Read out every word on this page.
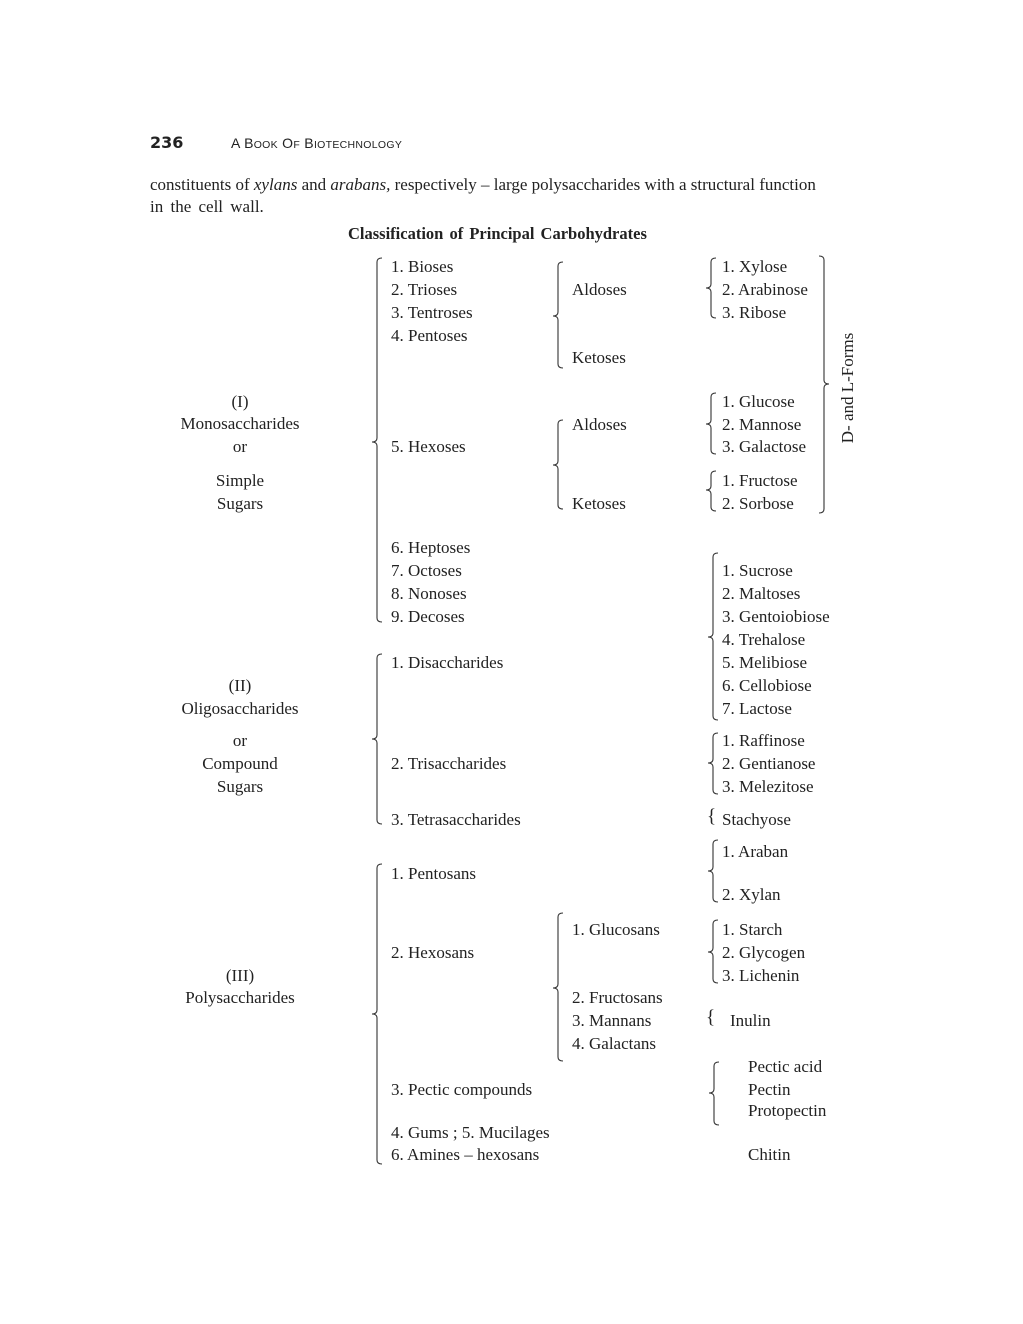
236	A BOOK OF BIOTECHNOLOGY
constituents of xylans and arabans, respectively – large polysaccharides with a structural function
in the cell wall.
Classification of Principal Carbohydrates
(I)
Monosaccharides
or
Simple
Sugars
(II)
Oligosaccharides
or
Compound
Sugars
(III)
Polysaccharides
1. Bioses
2. Trioses
3. Tentroses
4. Pentoses
5. Hexoses
6. Heptoses
7. Octoses
8. Nonoses
9. Decoses
Aldoses
Ketoses
1. Xylose
2. Arabinose
3. Ribose
Aldoses
Ketoses
1. Glucose
2. Mannose
3. Galactose
1. Fructose
2. Sorbose
D- and L-Forms
1. Disaccharides
2. Trisaccharides
3. Tetrasaccharides
1. Sucrose
2. Maltoses
3. Gentoiobiose
4. Trehalose
5. Melibiose
6. Cellobiose
7. Lactose
1. Raffinose
2. Gentianose
3. Melezitose
{ Stachyose
1. Pentosans
2. Hexosans
3. Pectic compounds
4. Gums ; 5. Mucilages
6. Amines – hexosans
1. Araban
2. Xylan
1. Glucosans
2. Fructosans
3. Mannans
4. Galactans
1. Starch
2. Glycogen
3. Lichenin
{ Inulin
Pectic acid
Pectin
Protopectin
Chitin
